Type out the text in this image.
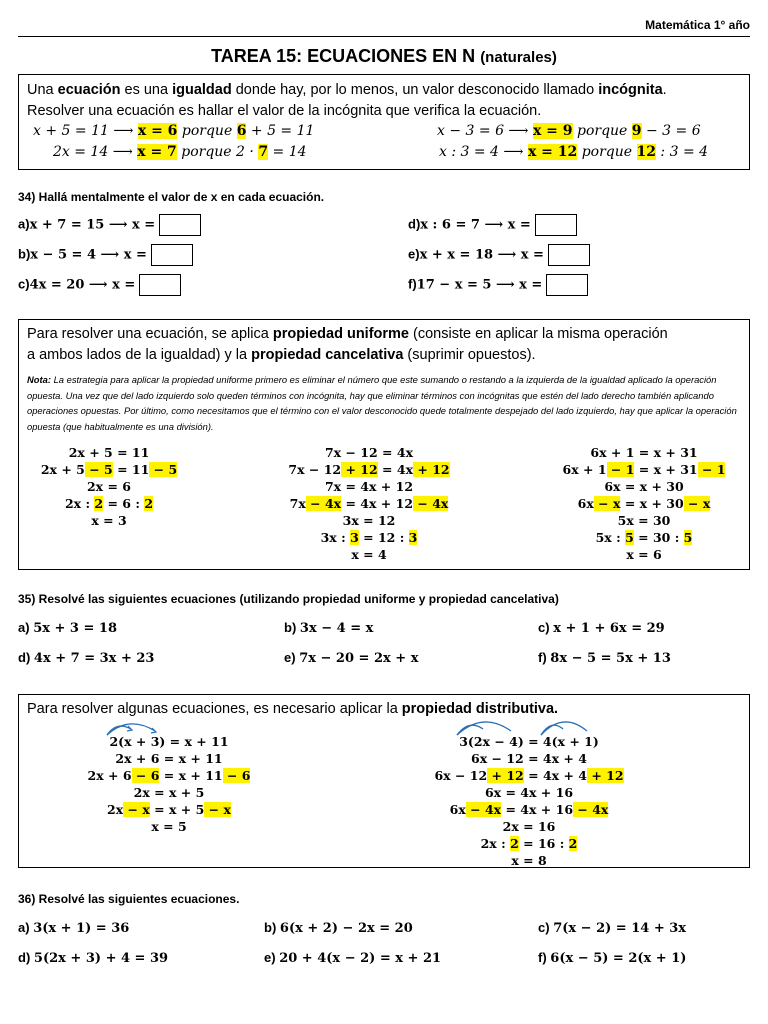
Matemática 1° año
TAREA 15: ECUACIONES EN N (naturales)
Una ecuación es una igualdad donde hay, por lo menos, un valor desconocido llamado incógnita.
Resolver una ecuación es hallar el valor de la incógnita que verifica la ecuación.
x + 5 = 11 ⟶ x = 6 porque 6 + 5 = 11	x − 3 = 6 ⟶ x = 9 porque 9 − 3 = 6
2x = 14 ⟶ x = 7 porque 2 · 7 = 14	x : 3 = 4 ⟶ x = 12 porque 12 : 3 = 4
34) Hallá mentalmente el valor de x en cada ecuación.
a)x + 7 = 15 ⟶ x =
b)x − 5 = 4 ⟶ x =
c)4x = 20 ⟶ x =
d)x : 6 = 7 ⟶ x =
e)x + x = 18 ⟶ x =
f)17 − x = 5 ⟶ x =
Para resolver una ecuación, se aplica propiedad uniforme (consiste en aplicar la misma operación
a ambos lados de la igualdad) y la propiedad cancelativa (suprimir opuestos).
Nota: La estrategia para aplicar la propiedad uniforme primero es eliminar el número que este sumando o restando a la izquierda de la igualdad aplicado la operación opuesta. Una vez que del lado izquierdo solo queden términos con incógnita, hay que eliminar términos con incógnitas que estén del lado derecho también aplicando operaciones opuestas. Por último, como necesitamos que el término con el valor desconocido quede totalmente despejado del lado izquierdo, hay que aplicar la operación opuesta (que habitualmente es una división).
2x + 5 = 11
2x + 5 − 5 = 11 − 5
2x = 6
2x : 2 = 6 : 2
x = 3
7x − 12 = 4x
7x − 12 + 12 = 4x + 12
7x = 4x + 12
7x − 4x = 4x + 12 − 4x
3x = 12
3x : 3 = 12 : 3
x = 4
6x + 1 = x + 31
6x + 1 − 1 = x + 31 − 1
6x = x + 30
6x − x = x + 30 − x
5x = 30
5x : 5 = 30 : 5
x = 6
35) Resolvé las siguientes ecuaciones (utilizando propiedad uniforme y propiedad cancelativa)
a) 5x + 3 = 18	b) 3x − 4 = x	c) x + 1 + 6x = 29
d) 4x + 7 = 3x + 23	e) 7x − 20 = 2x + x	f) 8x − 5 = 5x + 13
Para resolver algunas ecuaciones, es necesario aplicar la propiedad distributiva.
2(x + 3) = x + 11
2x + 6 = x + 11
2x + 6 − 6 = x + 11 − 6
2x = x + 5
2x − x = x + 5 − x
x = 5
3(2x − 4) = 4(x + 1)
6x − 12 = 4x + 4
6x − 12 + 12 = 4x + 4 + 12
6x = 4x + 16
6x − 4x = 4x + 16 − 4x
2x = 16
2x : 2 = 16 : 2
x = 8
36) Resolvé las siguientes ecuaciones.
a) 3(x + 1) = 36	b) 6(x + 2) − 2x = 20	c) 7(x − 2) = 14 + 3x
d) 5(2x + 3) + 4 = 39	e) 20 + 4(x − 2) = x + 21	f) 6(x − 5) = 2(x + 1)
